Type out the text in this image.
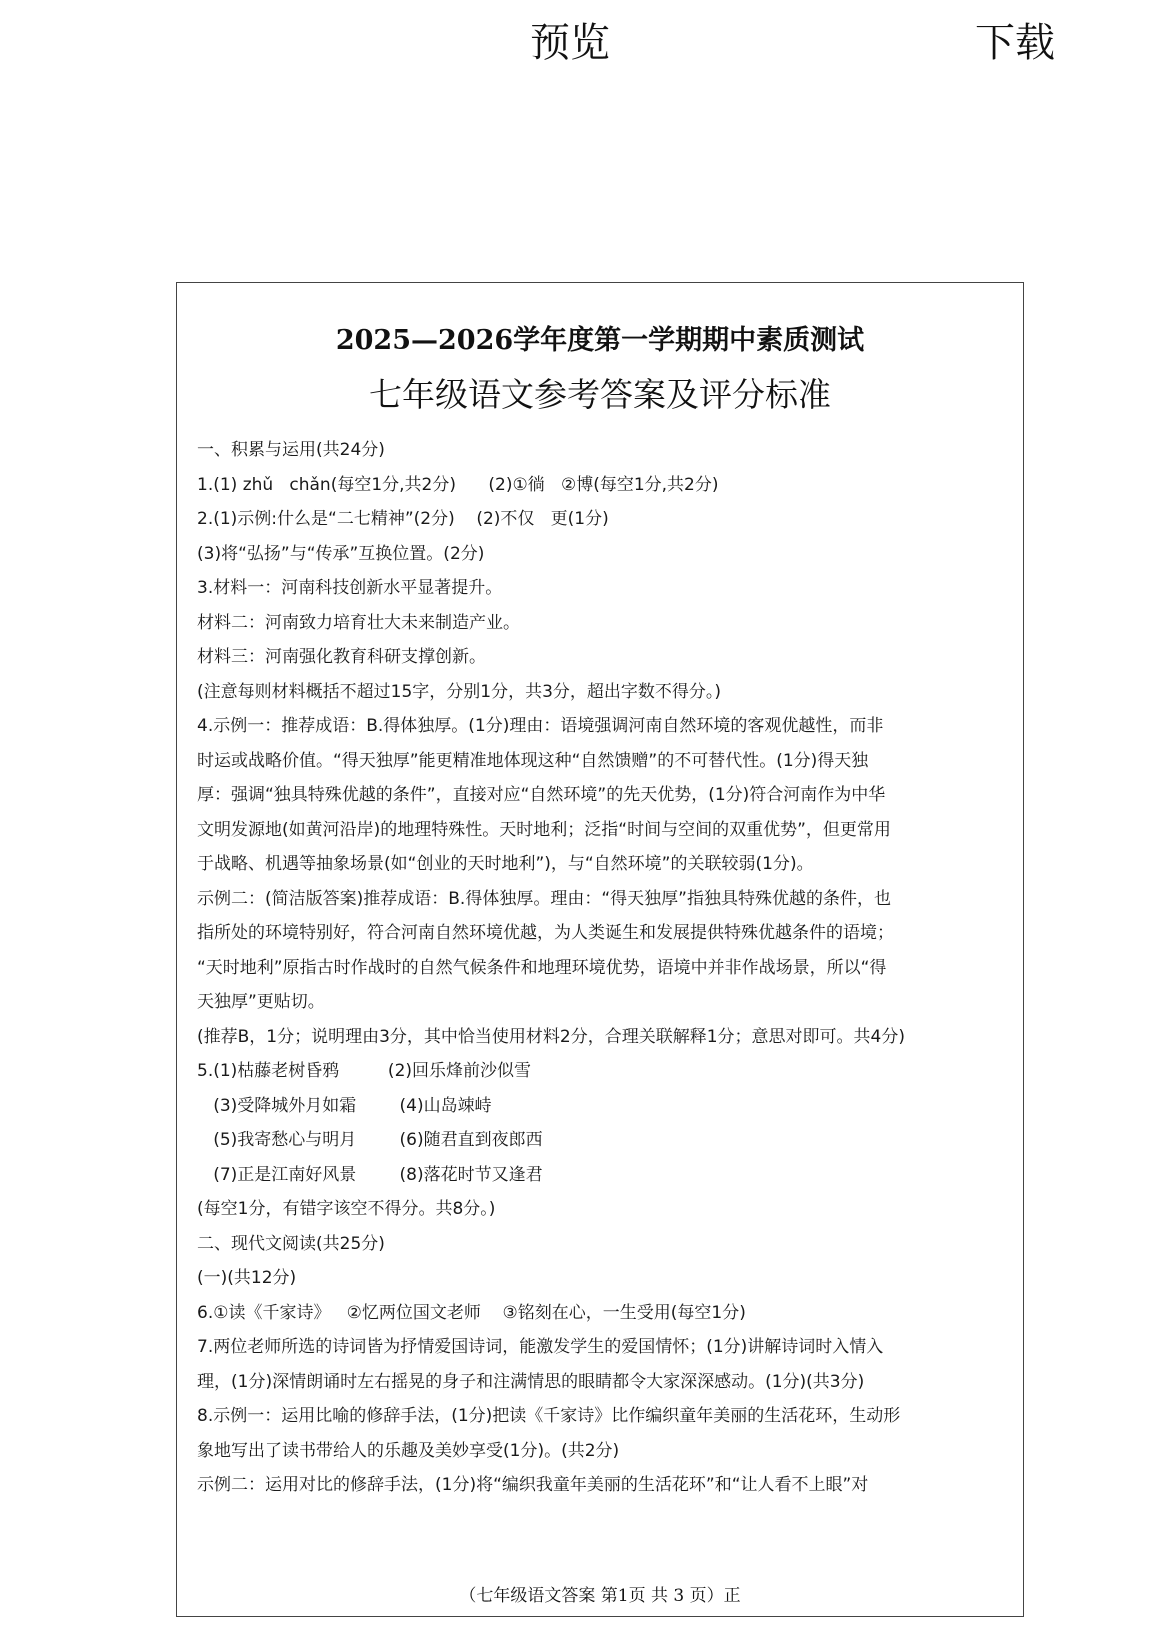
预览	下载
2025—2026学年度第一学期期中素质测试
七年级语文参考答案及评分标准

一、积累与运用(共24分)

1.(1) zhǔ   chǎn(每空1分,共2分)      (2)①徜   ②博(每空1分,共2分)

2.(1)示例:什么是“二七精神”(2分)    (2)不仅   更(1分)

(3)将“弘扬”与“传承”互换位置。(2分)

3.材料一：河南科技创新水平显著提升。

材料二：河南致力培育壮大未来制造产业。

材料三：河南强化教育科研支撑创新。

(注意每则材料概括不超过15字，分别1分，共3分，超出字数不得分。)

4.示例一：推荐成语：B.得体独厚。(1分)理由：语境强调河南自然环境的客观优越性，而非

时运或战略价值。“得天独厚”能更精准地体现这种“自然馈赠”的不可替代性。(1分)得天独

厚：强调“独具特殊优越的条件”，直接对应“自然环境”的先天优势，(1分)符合河南作为中华

文明发源地(如黄河沿岸)的地理特殊性。天时地利；泛指“时间与空间的双重优势”，但更常用

于战略、机遇等抽象场景(如“创业的天时地利”)，与“自然环境”的关联较弱(1分)。

示例二：(简洁版答案)推荐成语：B.得体独厚。理由：“得天独厚”指独具特殊优越的条件，也

指所处的环境特别好，符合河南自然环境优越，为人类诞生和发展提供特殊优越条件的语境；

“天时地利”原指古时作战时的自然气候条件和地理环境优势，语境中并非作战场景，所以“得

天独厚”更贴切。

(推荐B，1分；说明理由3分，其中恰当使用材料2分，合理关联解释1分；意思对即可。共4分)

5.(1)枯藤老树昏鸦         (2)回乐烽前沙似雪

(3)受降城外月如霜        (4)山岛竦峙

(5)我寄愁心与明月        (6)随君直到夜郎西

(7)正是江南好风景        (8)落花时节又逢君

(每空1分，有错字该空不得分。共8分。)

二、现代文阅读(共25分)

(一)(共12分)

6.①读《千家诗》   ②忆两位国文老师    ③铭刻在心，一生受用(每空1分)

7.两位老师所选的诗词皆为抒情爱国诗词，能激发学生的爱国情怀；(1分)讲解诗词时入情入

理，(1分)深情朗诵时左右摇晃的身子和注满情思的眼睛都令大家深深感动。(1分)(共3分)

8.示例一：运用比喻的修辞手法，(1分)把读《千家诗》比作编织童年美丽的生活花环，生动形

象地写出了读书带给人的乐趣及美妙享受(1分)。(共2分)

示例二：运用对比的修辞手法，(1分)将“编织我童年美丽的生活花环”和“让人看不上眼”对

（七年级语文答案 第1页 共 3 页）正
